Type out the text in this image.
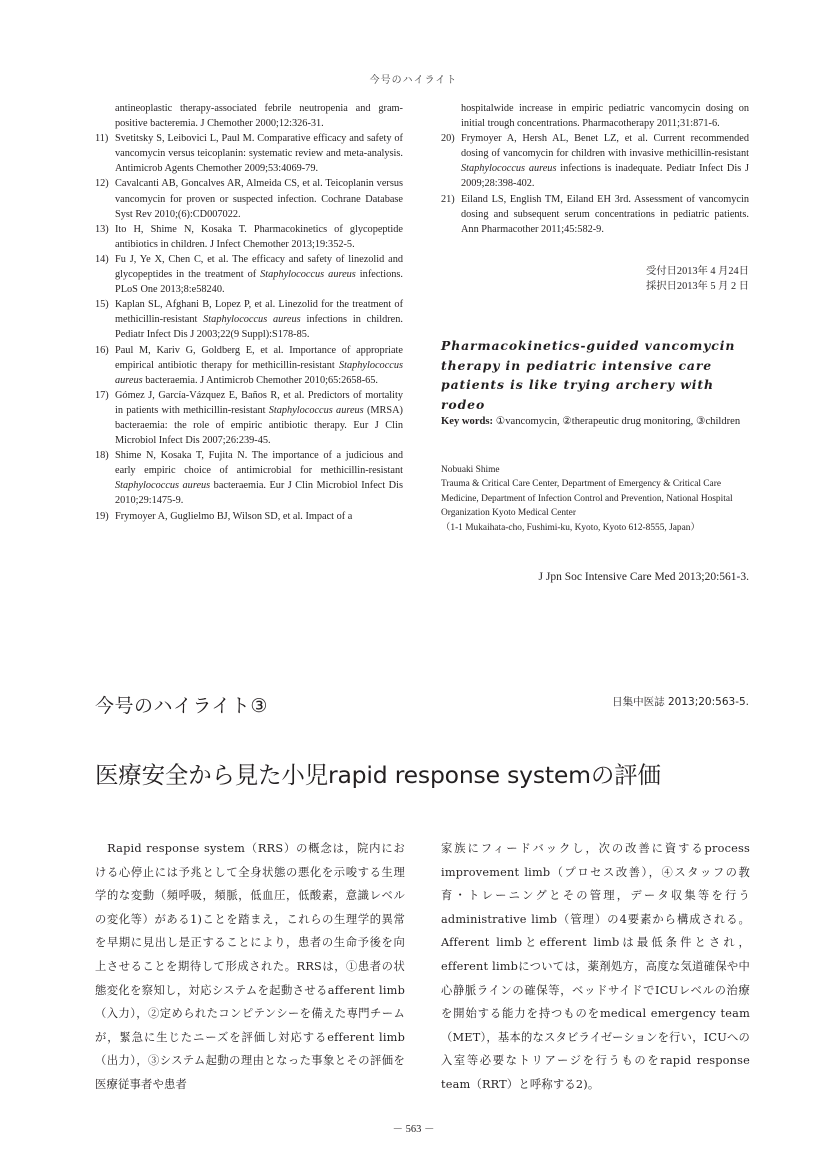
今号のハイライト
antineoplastic therapy-associated febrile neutropenia and gram-positive bacteremia. J Chemother 2000;12:326-31.
11) Svetitsky S, Leibovici L, Paul M. Comparative efficacy and safety of vancomycin versus teicoplanin: systematic review and meta-analysis. Antimicrob Agents Chemother 2009;53:4069-79.
12) Cavalcanti AB, Goncalves AR, Almeida CS, et al. Teicoplanin versus vancomycin for proven or suspected infection. Cochrane Database Syst Rev 2010;(6):CD007022.
13) Ito H, Shime N, Kosaka T. Pharmacokinetics of glycopeptide antibiotics in children. J Infect Chemother 2013;19:352-5.
14) Fu J, Ye X, Chen C, et al. The efficacy and safety of linezolid and glycopeptides in the treatment of Staphylococcus aureus infections. PLoS One 2013;8:e58240.
15) Kaplan SL, Afghani B, Lopez P, et al. Linezolid for the treatment of methicillin-resistant Staphylococcus aureus infections in children. Pediatr Infect Dis J 2003;22(9 Suppl):S178-85.
16) Paul M, Kariv G, Goldberg E, et al. Importance of appropriate empirical antibiotic therapy for methicillin-resistant Staphylococcus aureus bacteraemia. J Antimicrob Chemother 2010;65:2658-65.
17) Gómez J, García-Vázquez E, Baños R, et al. Predictors of mortality in patients with methicillin-resistant Staphylococcus aureus (MRSA) bacteraemia: the role of empiric antibiotic therapy. Eur J Clin Microbiol Infect Dis 2007;26:239-45.
18) Shime N, Kosaka T, Fujita N. The importance of a judicious and early empiric choice of antimicrobial for methicillin-resistant Staphylococcus aureus bacteraemia. Eur J Clin Microbiol Infect Dis 2010;29:1475-9.
19) Frymoyer A, Guglielmo BJ, Wilson SD, et al. Impact of a
hospitalwide increase in empiric pediatric vancomycin dosing on initial trough concentrations. Pharmacotherapy 2011;31:871-6.
20) Frymoyer A, Hersh AL, Benet LZ, et al. Current recommended dosing of vancomycin for children with invasive methicillin-resistant Staphylococcus aureus infections is inadequate. Pediatr Infect Dis J 2009;28:398-402.
21) Eiland LS, English TM, Eiland EH 3rd. Assessment of vancomycin dosing and subsequent serum concentrations in pediatric patients. Ann Pharmacother 2011;45:582-9.
受付日2013年 4 月24日
採択日2013年 5 月 2 日
Pharmacokinetics-guided vancomycin therapy in pediatric intensive care patients is like trying archery with rodeo
Key words: ①vancomycin, ②therapeutic drug monitoring, ③children
Nobuaki Shime
Trauma & Critical Care Center, Department of Emergency & Critical Care Medicine, Department of Infection Control and Prevention, National Hospital Organization Kyoto Medical Center
（1-1 Mukaihata-cho, Fushimi-ku, Kyoto, Kyoto 612-8555, Japan）
J Jpn Soc Intensive Care Med 2013;20:561-3.
今号のハイライト③	日集中医誌 2013;20:563-5.
医療安全から見た小児rapid response systemの評価

　Rapid response system（RRS）の概念は，院内における心停止には予兆として全身状態の悪化を示唆する生理学的な変動（頻呼吸，頻脈，低血圧，低酸素，意識レベルの変化等）がある1)ことを踏まえ，これらの生理学的異常を早期に見出し是正することにより，患者の生命予後を向上させることを期待して形成された。RRSは，①患者の状態変化を察知し，対応システムを起動させるafferent limb（入力），②定められたコンピテンシーを備えた専門チームが，緊急に生じたニーズを評価し対応するefferent limb（出力），③システム起動の理由となった事象とその評価を医療従事者や患者

家族にフィードバックし，次の改善に資するprocess improvement limb（プロセス改善），④スタッフの教育・トレーニングとその管理，データ収集等を行うadministrative limb（管理）の4要素から構成される。Afferent limbとefferent limbは最低条件とされ，efferent limbについては，薬剤処方，高度な気道確保や中心静脈ラインの確保等，ベッドサイドでICUレベルの治療を開始する能力を持つものをmedical emergency team（MET），基本的なスタビライゼーションを行い，ICUへの入室等必要なトリアージを行うものをrapid response team（RRT）と呼称する2)。

－ 563 －
